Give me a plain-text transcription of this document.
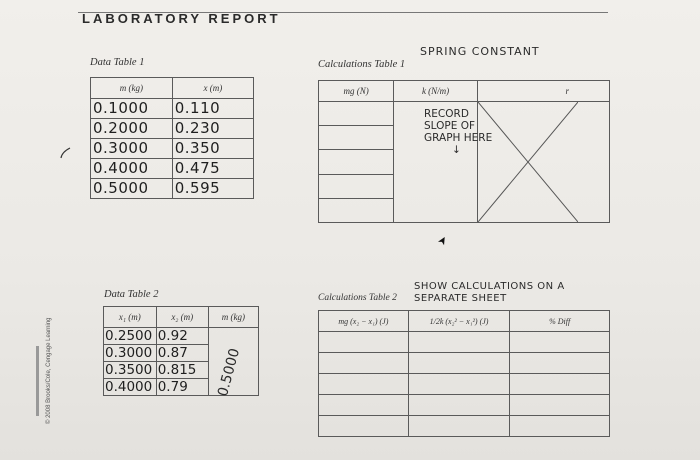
LABORATORY REPORT
Data Table 1
m (kg)	x (m)
0.1000	0.110
0.2000	0.230
0.3000	0.350
0.4000	0.475
0.5000	0.595
SPRING CONSTANT
Calculations Table 1
mg (N)	k (N/m)	r

RECORD
SLOPE OF
GRAPH HERE
↓
Data Table 2
x₁ (m)	x₂ (m)	m (kg)
0.2500	0.92	0.5000

0.3000	0.87	
0.3500	0.815	
0.4000	0.79	
SHOW CALCULATIONS ON A
SEPARATE SHEET
Calculations Table 2
mg (x₂ − x₁) (J)	1/2k (x₂² − x₁²) (J)	% Diff

➤
© 2008 Brooks/Cole, Cengage Learning
